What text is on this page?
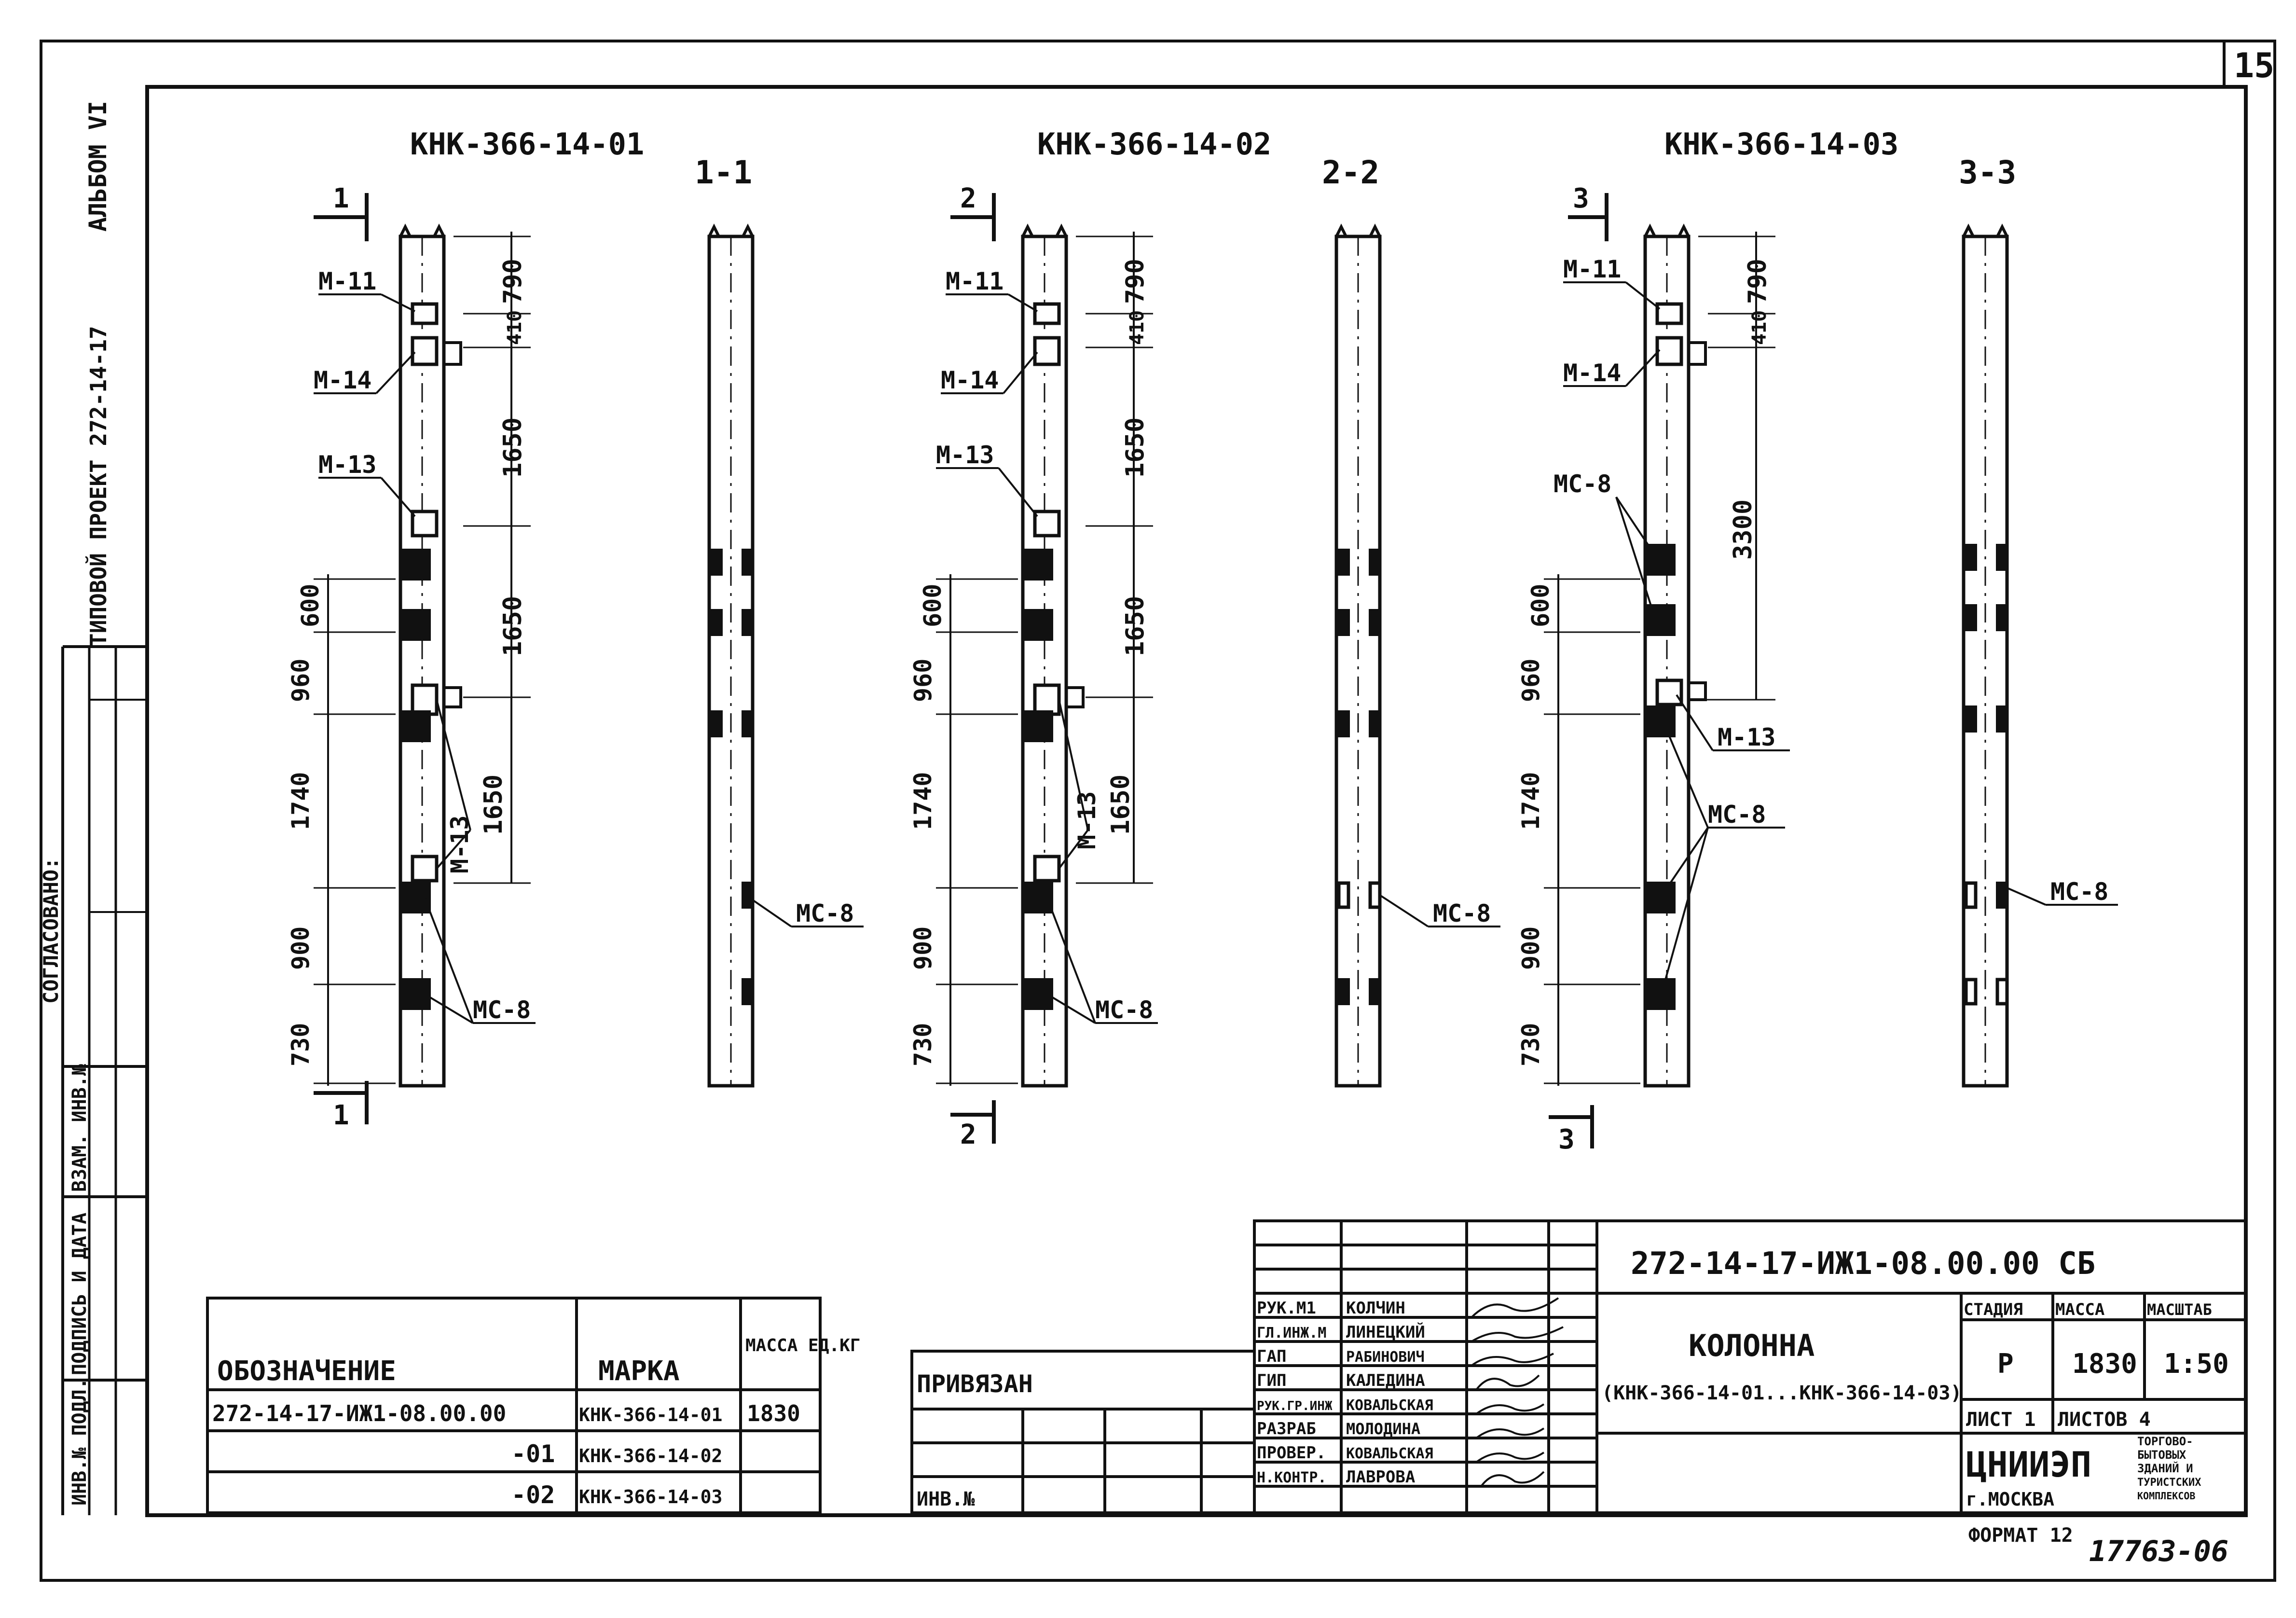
15
СОГЛАСОВАНО:
ИНВ.№ ПОДЛ.
ПОДПИСЬ И ДАТА
ВЗАМ. ИНВ.№
АЛЬБОМ VI
ТИПОВОЙ ПРОЕКТ 272-14-17
КНК-366-14-01
1-1
1
1
790
410
1650
1650
1650
600
960
1740
900
730
М-11
М-14
М-13
М-13
МС-8
МС-8
КНК-366-14-02
2-2
2
2
790
410
1650
1650
1650
600
960
1740
900
730
М-11
М-14
М-13
М-13
МС-8
МС-8
КНК-366-14-03
3-3
3
3
790
410
3300
600
960
1740
900
730
М-11
М-14
МС-8
М-13
МС-8
МС-8
ОБОЗНАЧЕНИЕ	МАРКА
МАССА ЕД.КГ
272-14-17-ИЖ1-08.00.00	КНК-366-14-01 1830
-01 КНК-366-14-02
-02 КНК-366-14-03
ПРИВЯЗАН
ИНВ.№
272-14-17-ИЖ1-08.00.00 СБ
КОЛОННА
(КНК-366-14-01...КНК-366-14-03)
РУК.М1 КОЛЧИН
ГЛ.ИНЖ.М ЛИНЕЦКИЙ
ГАП	РАБИНОВИЧ
ГИП	КАЛЕДИНА
РУК.ГР.ИНЖ КОВАЛЬСКАЯ
РАЗРАБ МОЛОДИНА
ПРОВЕР. КОВАЛЬСКАЯ
Н.КОНТР. ЛАВРОВА
СТАДИЯ МАССА	МАСШТАБ
Р 1830 1:50
ЛИСТ 1 ЛИСТОВ 4
ЦНИИЭП
г.МОСКВА
ТОРГОВО-
БЫТОВЫХ
ЗДАНИЙ И
ТУРИСТСКИХ
КОМПЛЕКСОВ
ФОРМАТ 12 17763-06
